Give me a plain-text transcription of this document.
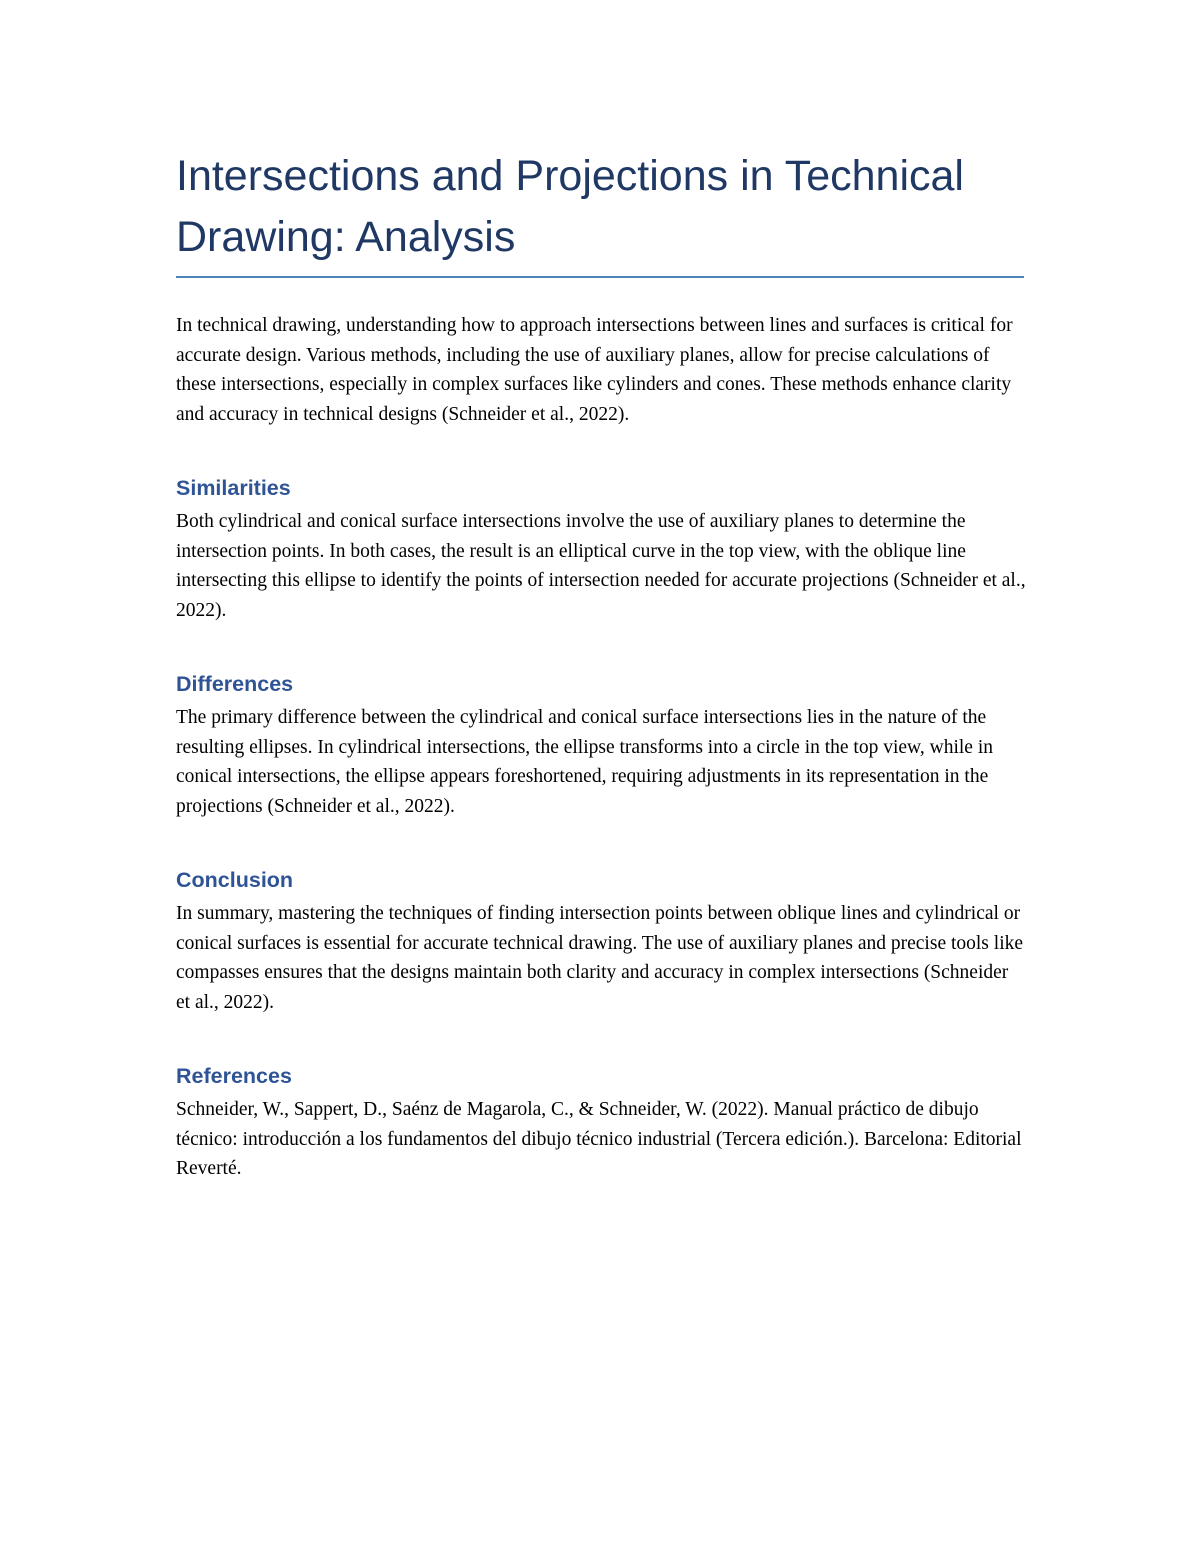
Intersections and Projections in Technical Drawing: Analysis

In technical drawing, understanding how to approach intersections between lines and surfaces is critical for accurate design. Various methods, including the use of auxiliary planes, allow for precise calculations of these intersections, especially in complex surfaces like cylinders and cones. These methods enhance clarity and accuracy in technical designs (Schneider et al., 2022).

Similarities

Both cylindrical and conical surface intersections involve the use of auxiliary planes to determine the intersection points. In both cases, the result is an elliptical curve in the top view, with the oblique line intersecting this ellipse to identify the points of intersection needed for accurate projections (Schneider et al., 2022).

Differences

The primary difference between the cylindrical and conical surface intersections lies in the nature of the resulting ellipses. In cylindrical intersections, the ellipse transforms into a circle in the top view, while in conical intersections, the ellipse appears foreshortened, requiring adjustments in its representation in the projections (Schneider et al., 2022).

Conclusion

In summary, mastering the techniques of finding intersection points between oblique lines and cylindrical or conical surfaces is essential for accurate technical drawing. The use of auxiliary planes and precise tools like compasses ensures that the designs maintain both clarity and accuracy in complex intersections (Schneider et al., 2022).

References

Schneider, W., Sappert, D., Saénz de Magarola, C., & Schneider, W. (2022). Manual práctico de dibujo técnico: introducción a los fundamentos del dibujo técnico industrial (Tercera edición.). Barcelona: Editorial Reverté.
